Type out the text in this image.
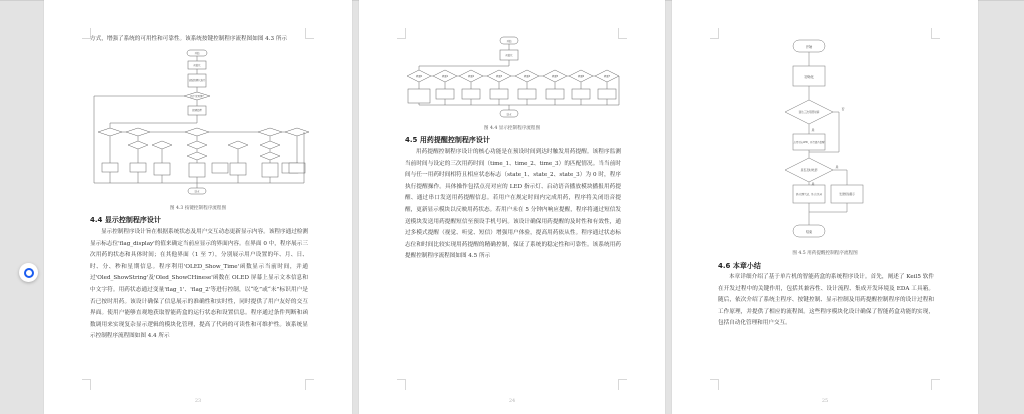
方式，增强了系统的可用性和可靠性。该系统按键控制程序流程图如图 4.3 所示

开始
初始化
读取按键状态并
按下设置键?
按键处理
结束
图 4.3 按键控制程序流程图
4.4 显示控制程序设计

显示控制程序设计旨在根据系统状态及用户交互动态更新显示内容。该程序通过检测显示标志位'flag_display'的值来确定当前应显示的界面内容。在界面 0 中，程序展示三次用药的状态和具体时间；在其他界面（1 至 7），分别展示用户设置的年、月、日、时、分、秒和星期信息。程序利用'OLED_Show_Time'函数显示当前时间，并通过'Oled_ShowString'及'Oled_ShowCHinese'函数在 OLED 屏幕上显示文本信息和中文字符。用药状态通过变量'flag_1'、'flag_2'等进行控制，以“吃”或“未”标识用户是否已按时用药。该设计确保了信息展示的准确性和实时性，同时提供了用户友好的交互界面。使用户能够直观地获取智能药盒的运行状态和设置信息。程序通过条件判断和函数调用来实现复杂显示逻辑的模块化管理，提高了代码的可读性和可维护性。该系统显示控制程序流程图如图 4.4 所示

23
开始
初始化
界面0	界面1	界面2	界面3	界面4	界面5	界面6	界面7
结束
图 4.4 显示控制程序流程图
4.5 用药提醒控制程序设计

用药提醒控制程序设计的核心功能是在预设时间到达时触发用药提醒。该程序监测当前时间与设定的三次用药时间（time_1、time_2、time_3）的匹配情况。当当前时间与任一用药时间相符且相应状态标志（state_1、state_2、state_3）为 0 时，程序执行提醒操作。具体操作包括点亮对应的 LED 指示灯、启动语音播放模块播报用药提醒、通过串口发送用药提醒信息。若用户在规定时间内完成用药，程序将关闭语音提醒，更新显示模块以反映用药状态。若用户未在 5 分钟内响应提醒，程序将通过短信发送模块发送用药提醒短信至预设手机号码。该设计确保用药提醒的及时性和有效性，通过多模式提醒（视觉、听觉、短信）增强用户体验，提高用药依从性。程序通过状态标志位和时间比较实现用药提醒的精确控制，保证了系统的稳定性和可靠性。该系统用药提醒控制程序流程图如图 4.5 所示

24
开始
初始化
到达三次用药时间
点亮对应LED，开启语音提醒
是否及时吃药
语音提醒关闭，显示已吃药	发送短信提示
结束
否
是
是
是
图 4.5 用药提醒控制程序流程图
4.6 本章小结

本章详细介绍了基于单片机的智能药盒的系统程序设计。首先，阐述了 Keil5 软件在开发过程中的关键作用，包括其兼容性、设计流程、集成开发环境及 EDA 工具箱。随后，依次介绍了系统主程序、按键控制、显示控制及用药提醒控制程序的设计过程和工作原理，并提供了相应的流程图。这些程序模块化设计确保了智能药盒功能的实现，包括自动化管理和用户交互。

25
